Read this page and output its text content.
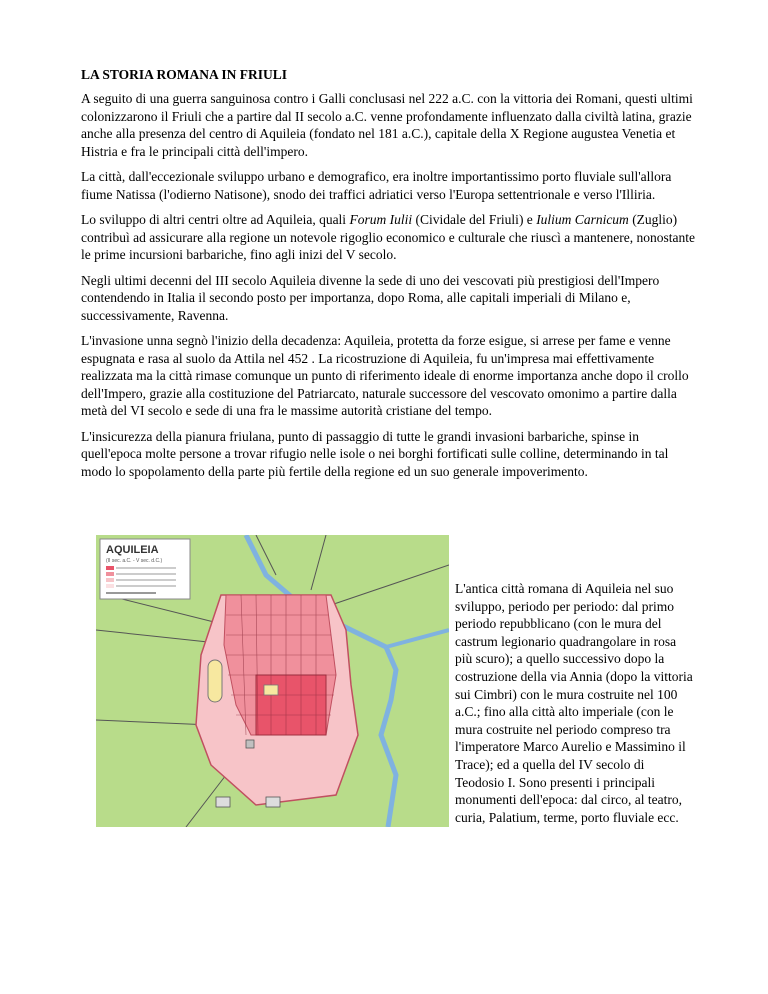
LA STORIA ROMANA IN FRIULI
A seguito di una guerra sanguinosa contro i Galli conclusasi nel 222 a.C. con la vittoria dei Romani, questi ultimi colonizzarono il Friuli che a partire dal II secolo a.C. venne profondamente influenzato dalla civiltà latina, grazie anche alla presenza del centro di Aquileia (fondato nel 181 a.C.), capitale della X Regione augustea Venetia et Histria e fra le principali città dell'impero.
La città, dall'eccezionale sviluppo urbano e demografico, era inoltre importantissimo porto fluviale sull'allora fiume Natissa (l'odierno Natisone), snodo dei traffici adriatici verso l'Europa settentrionale e verso l'Illiria.
Lo sviluppo di altri centri oltre ad Aquileia, quali Forum Iulii (Cividale del Friuli) e Iulium Carnicum (Zuglio) contribuì ad assicurare alla regione un notevole rigoglio economico e culturale che riuscì a mantenere, nonostante le prime incursioni barbariche, fino agli inizi del V secolo.
Negli ultimi decenni del III secolo Aquileia divenne la sede di uno dei vescovati più prestigiosi dell'Impero contendendo in Italia il secondo posto per importanza, dopo Roma, alle capitali imperiali di Milano e, successivamente, Ravenna.
L'invasione unna segnò l'inizio della decadenza: Aquileia, protetta da forze esigue, si arrese per fame e venne espugnata e rasa al suolo da Attila nel 452 . La ricostruzione di Aquileia, fu un'impresa mai effettivamente realizzata ma la città rimase comunque un punto di riferimento ideale di enorme importanza anche dopo il crollo dell'Impero, grazie alla costituzione del Patriarcato, naturale successore del vescovato omonimo a partire dalla metà del VI secolo e sede di una fra le massime autorità cristiane del tempo.
L'insicurezza della pianura friulana, punto di passaggio di tutte le grandi invasioni barbariche, spinse in quell'epoca molte persone a trovar rifugio nelle isole o nei borghi fortificati sulle colline, determinando in tal modo lo spopolamento della parte più fertile della regione ed un suo generale impoverimento.
AQUILEIA
(II sec. a.C. - V sec. d.C.)
L'antica città romana di Aquileia nel suo sviluppo, periodo per periodo: dal primo periodo repubblicano (con le mura del castrum legionario quadrangolare in rosa più scuro); a quello successivo dopo la costruzione della via Annia (dopo la vittoria sui Cimbri) con le mura costruite nel 100 a.C.; fino alla città alto imperiale (con le mura costruite nel periodo compreso tra l'imperatore Marco Aurelio e Massimino il Trace); ed a quella del IV secolo di Teodosio I. Sono presenti i principali monumenti dell'epoca: dal circo, al teatro, curia, Palatium, terme, porto fluviale ecc.
